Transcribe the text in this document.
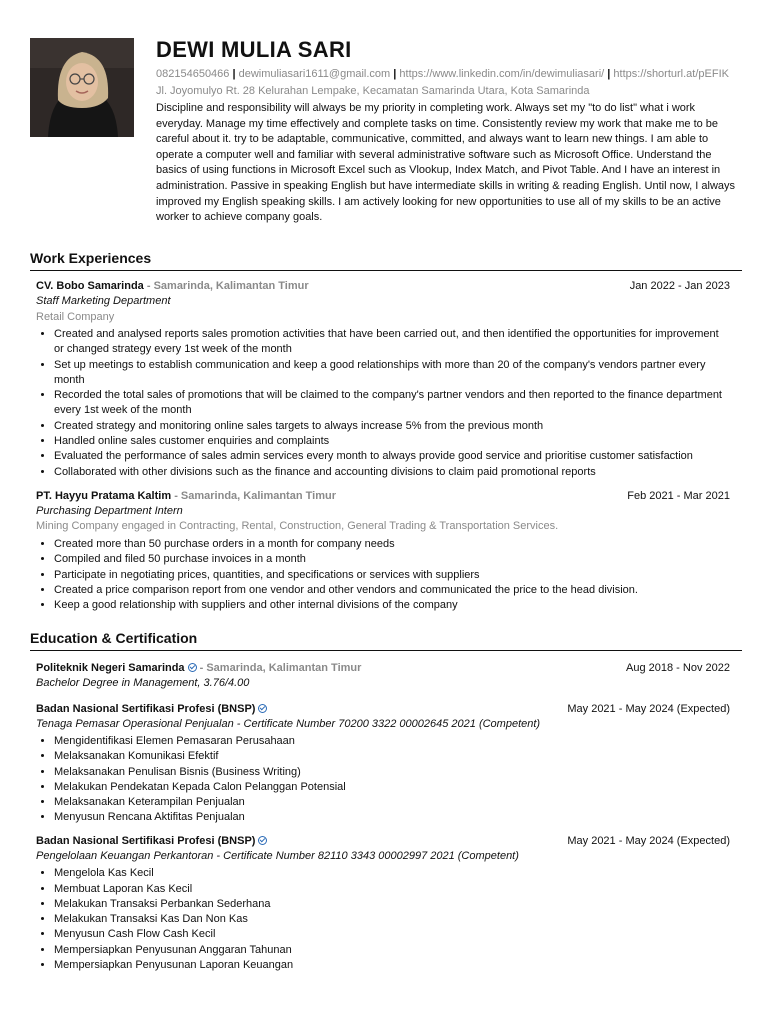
DEWI MULIA SARI
082154650466 | dewimuliasari1611@gmail.com | https://www.linkedin.com/in/dewimuliasari/ | https://shorturl.at/pEFIK
Jl. Joyomulyo Rt. 28 Kelurahan Lempake, Kecamatan Samarinda Utara, Kota Samarinda
Discipline and responsibility will always be my priority in completing work. Always set my "to do list" what i work everyday. Manage my time effectively and complete tasks on time. Consistently review my work that make me to be careful about it. try to be adaptable, communicative, committed, and always want to learn new things. I am able to operate a computer well and familiar with several administrative software such as Microsoft Office. Understand the basics of using functions in Microsoft Excel such as Vlookup, Index Match, and Pivot Table. And I have an interest in administration. Passive in speaking English but have intermediate skills in writing & reading English. Until now, I always improved my English speaking skills. I am actively looking for new opportunities to use all of my skills to be an active worker to achieve company goals.
Work Experiences
CV. Bobo Samarinda - Samarinda, Kalimantan Timur	Jan 2022 - Jan 2023
Staff Marketing Department
Retail Company
• Created and analysed reports sales promotion activities that have been carried out, and then identified the opportunities for improvement or changed strategy every 1st week of the month
• Set up meetings to establish communication and keep a good relationships with more than 20 of the company's vendors partner every month
• Recorded the total sales of promotions that will be claimed to the company's partner vendors and then reported to the finance department every 1st week of the month
• Created strategy and monitoring online sales targets to always increase 5% from the previous month
• Handled online sales customer enquiries and complaints
• Evaluated the performance of sales admin services every month to always provide good service and prioritise customer satisfaction
• Collaborated with other divisions such as the finance and accounting divisions to claim paid promotional reports
PT. Hayyu Pratama Kaltim - Samarinda, Kalimantan Timur	Feb 2021 - Mar 2021
Purchasing Department Intern
Mining Company engaged in Contracting, Rental, Construction, General Trading & Transportation Services.
• Created more than 50 purchase orders in a month for company needs
• Compiled and filed 50 purchase invoices in a month
• Participate in negotiating prices, quantities, and specifications or services with suppliers
• Created a price comparison report from one vendor and other vendors and communicated the price to the head division.
• Keep a good relationship with suppliers and other internal divisions of the company
Education & Certification
Politeknik Negeri Samarinda - Samarinda, Kalimantan Timur	Aug 2018 - Nov 2022
Bachelor Degree in Management, 3.76/4.00
Badan Nasional Sertifikasi Profesi (BNSP)	May 2021 - May 2024 (Expected)
Tenaga Pemasar Operasional Penjualan - Certificate Number 70200 3322 00002645 2021 (Competent)
• Mengidentifikasi Elemen Pemasaran Perusahaan
• Melaksanakan Komunikasi Efektif
• Melaksanakan Penulisan Bisnis (Business Writing)
• Melakukan Pendekatan Kepada Calon Pelanggan Potensial
• Melaksanakan Keterampilan Penjualan
• Menyusun Rencana Aktifitas Penjualan
Badan Nasional Sertifikasi Profesi (BNSP)	May 2021 - May 2024 (Expected)
Pengelolaan Keuangan Perkantoran - Certificate Number 82110 3343 00002997 2021 (Competent)
• Mengelola Kas Kecil
• Membuat Laporan Kas Kecil
• Melakukan Transaksi Perbankan Sederhana
• Melakukan Transaksi Kas Dan Non Kas
• Menyusun Cash Flow Cash Kecil
• Mempersiapkan Penyusunan Anggaran Tahunan
• Mempersiapkan Penyusunan Laporan Keuangan
